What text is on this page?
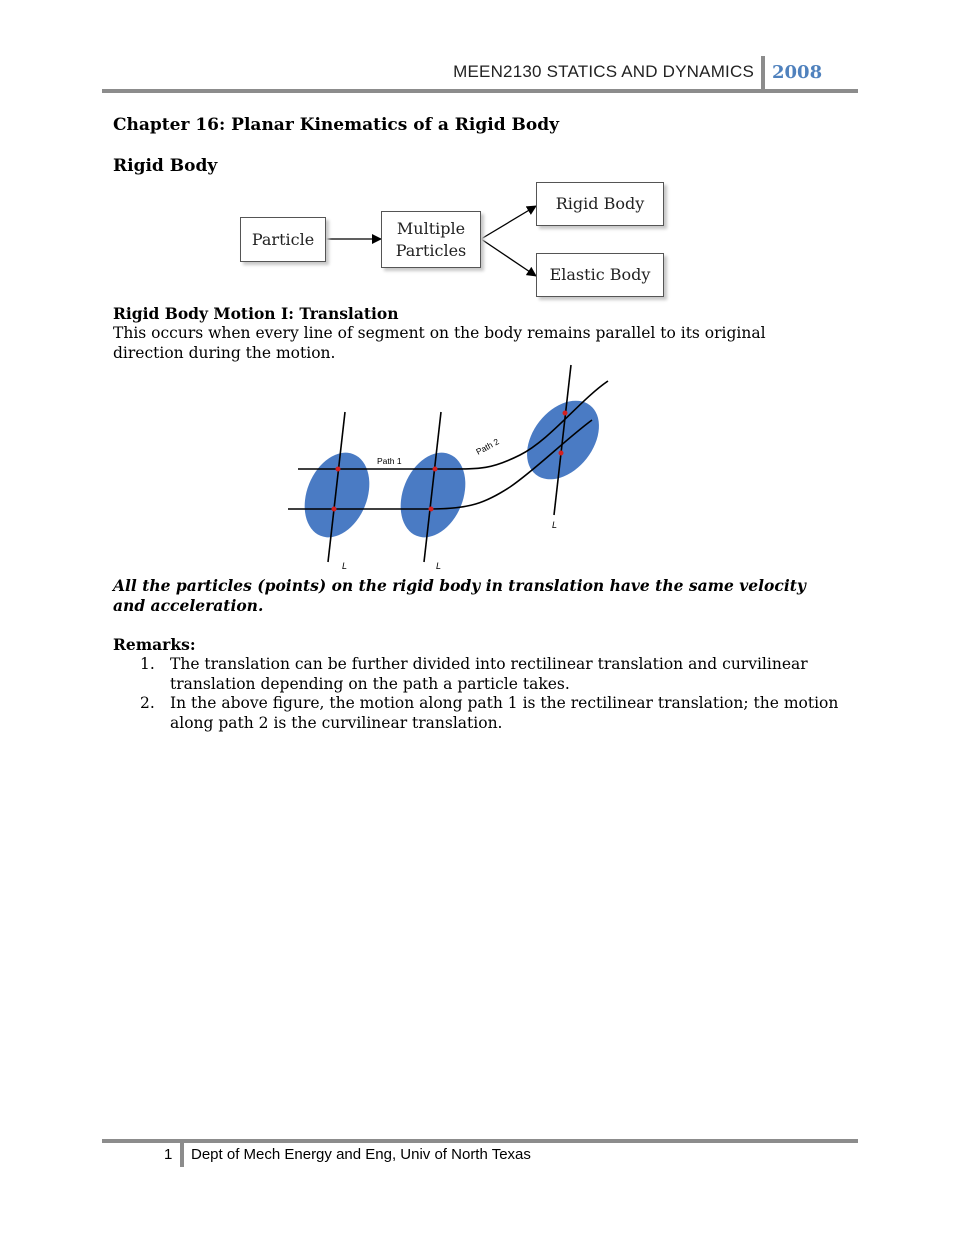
MEEN2130 STATICS AND DYNAMICS 2008
Chapter 16: Planar Kinematics of a Rigid Body
Rigid Body
Particle
Multiple
Particles
Rigid Body
Elastic Body
Rigid Body Motion I: Translation
This occurs when every line of segment on the body remains parallel to its original direction during the motion.
Path 1
Path 2
L	L
L
All the particles (points) on the rigid body in translation have the same velocity and acceleration.
Remarks:
1. The translation can be further divided into rectilinear translation and curvilinear translation depending on the path a particle takes.
2. In the above figure, the motion along path 1 is the rectilinear translation; the motion along path 2 is the curvilinear translation.
1 Dept of Mech Energy and Eng, Univ of North Texas
